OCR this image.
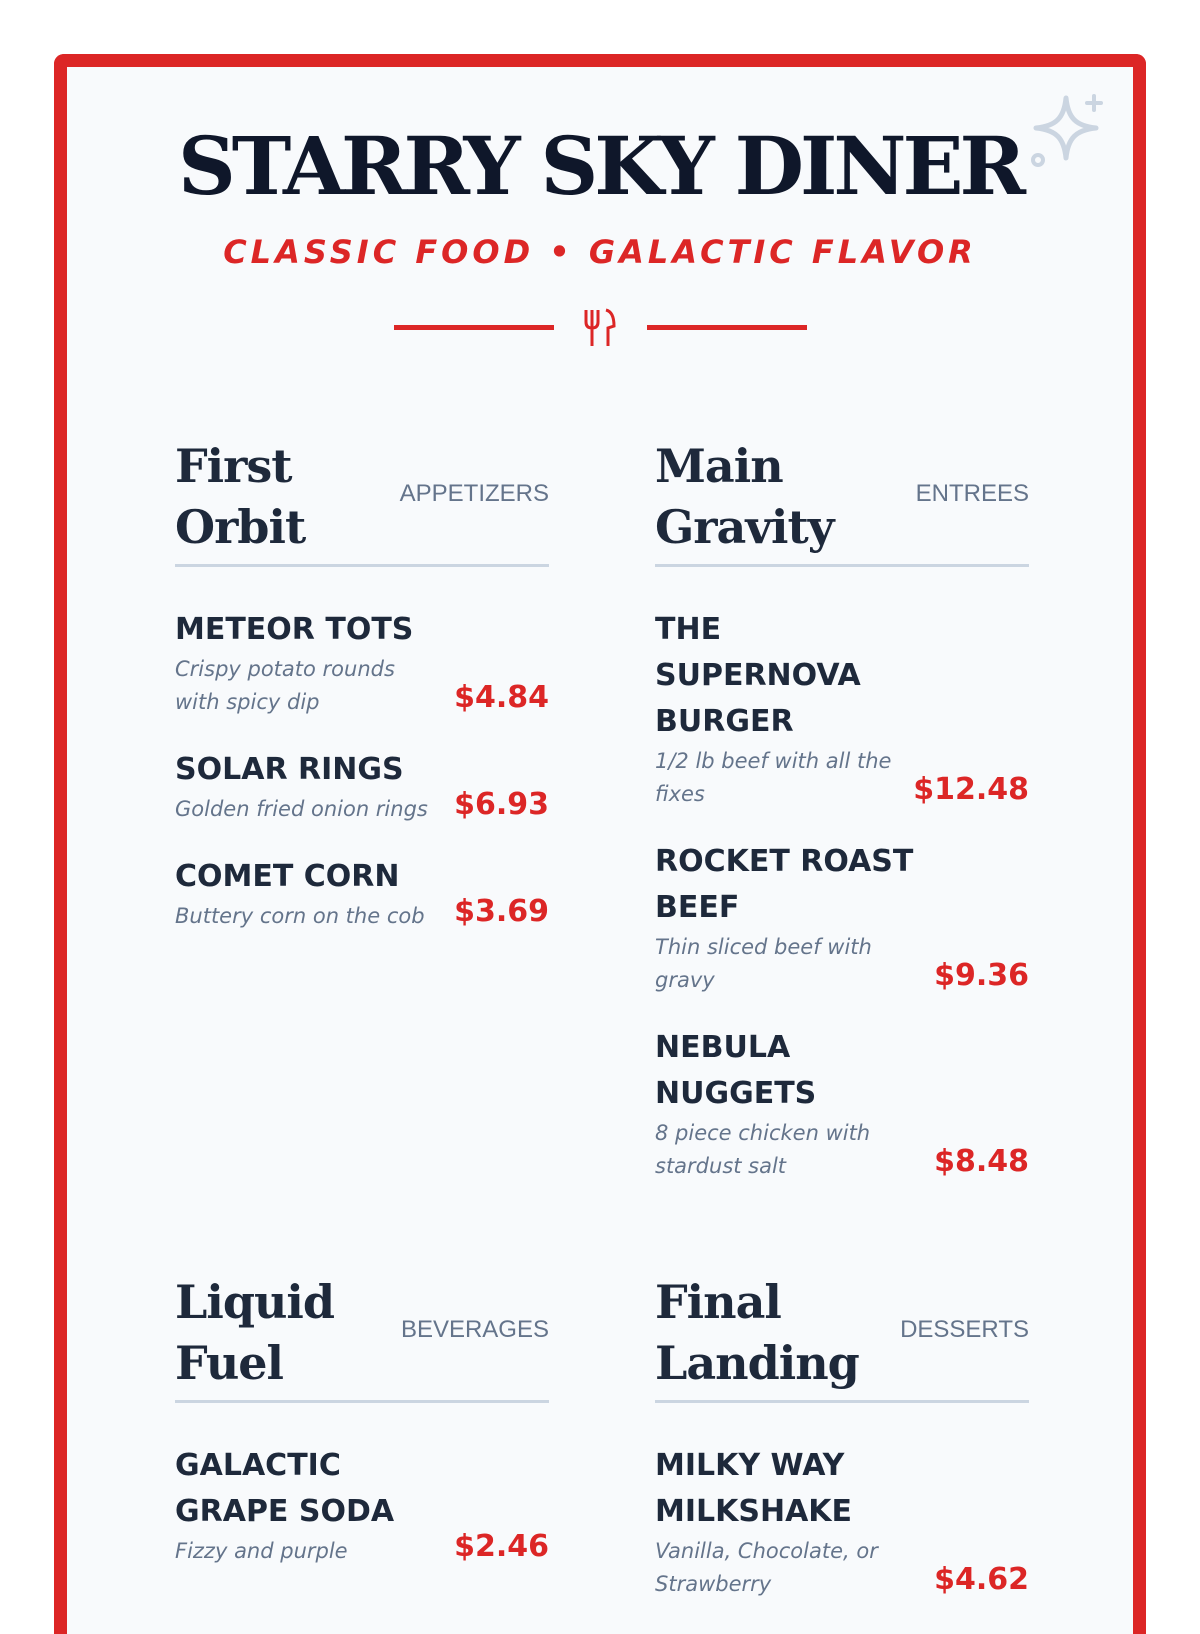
STARRY SKY DINER
CLASSIC FOOD • GALACTIC FLAVOR
First Orbit
APPETIZERS
METEOR TOTS
Crispy potato rounds with spicy dip	$4.84
SOLAR RINGS
Golden fried onion rings $6.93
COMET CORN
Buttery corn on the cob $3.69
Main Gravity
ENTREES
THE SUPERNOVA BURGER
1/2 lb beef with all the fixes	$12.48
ROCKET ROAST BEEF
Thin sliced beef with gravy	$9.36
NEBULA NUGGETS
8 piece chicken with stardust salt	$8.48
Liquid Fuel
BEVERAGES
GALACTIC GRAPE SODA
Fizzy and purple	$2.46
Final Landing
DESSERTS
MILKY WAY MILKSHAKE
Vanilla, Chocolate, or Strawberry	$4.62
